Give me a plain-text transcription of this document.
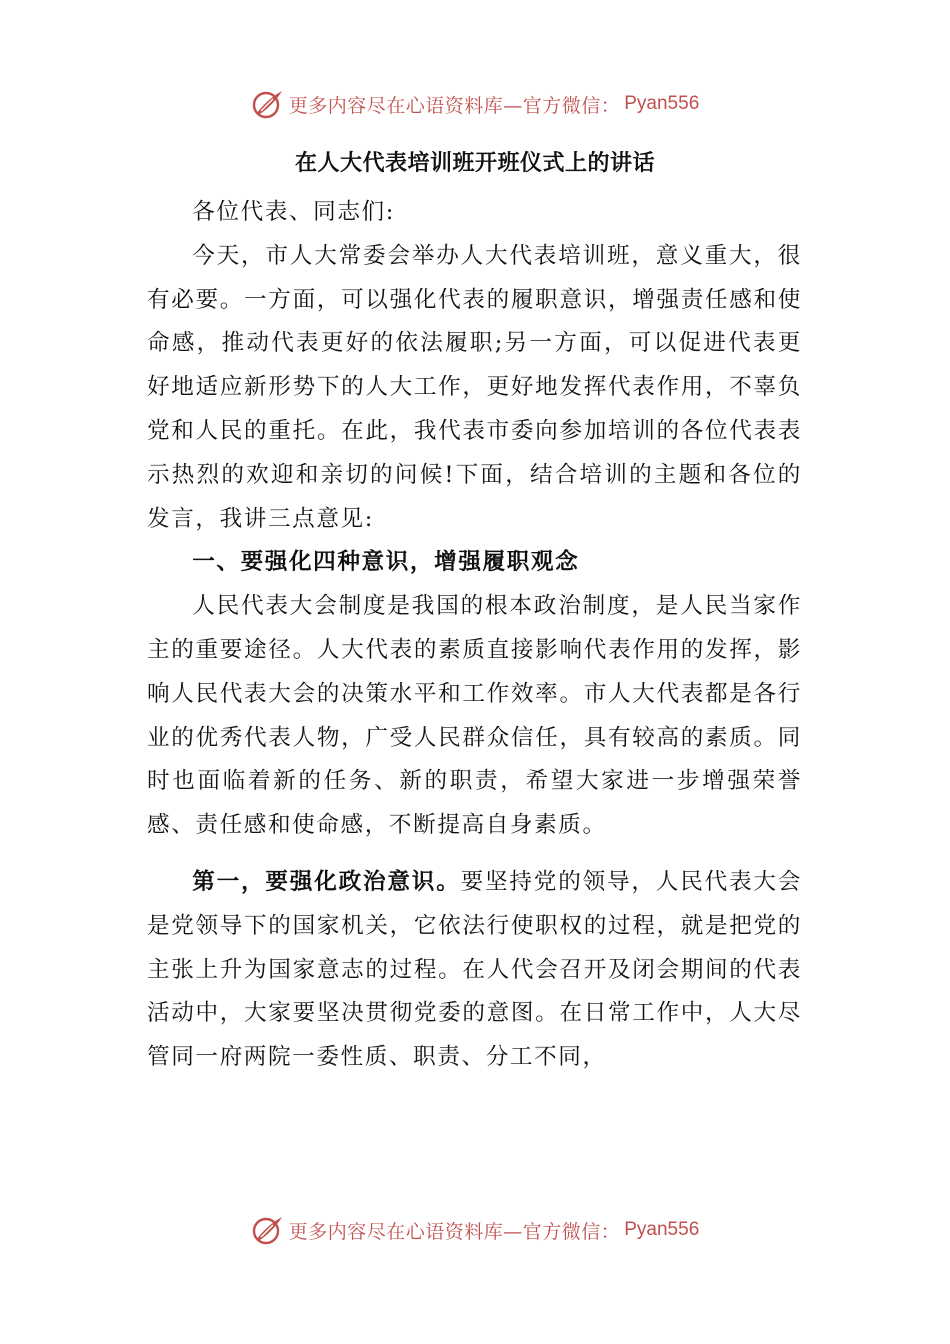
更多内容尽在心语资料库—官方微信： Pyan556
在人大代表培训班开班仪式上的讲话

各位代表、同志们:

今天，市人大常委会举办人大代表培训班，意义重大，很有必要。一方面，可以强化代表的履职意识，增强责任感和使命感，推动代表更好的依法履职;另一方面，可以促进代表更好地适应新形势下的人大工作，更好地发挥代表作用，不辜负党和人民的重托。在此，我代表市委向参加培训的各位代表表示热烈的欢迎和亲切的问候!下面，结合培训的主题和各位的发言，我讲三点意见:

一、要强化四种意识，增强履职观念

人民代表大会制度是我国的根本政治制度，是人民当家作主的重要途径。人大代表的素质直接影响代表作用的发挥，影响人民代表大会的决策水平和工作效率。市人大代表都是各行业的优秀代表人物，广受人民群众信任，具有较高的素质。同时也面临着新的任务、新的职责，希望大家进一步增强荣誉感、责任感和使命感，不断提高自身素质。

第一，要强化政治意识。要坚持党的领导，人民代表大会是党领导下的国家机关，它依法行使职权的过程，就是把党的主张上升为国家意志的过程。在人代会召开及闭会期间的代表活动中，大家要坚决贯彻党委的意图。在日常工作中，人大尽管同一府两院一委性质、职责、分工不同，

更多内容尽在心语资料库—官方微信： Pyan556
